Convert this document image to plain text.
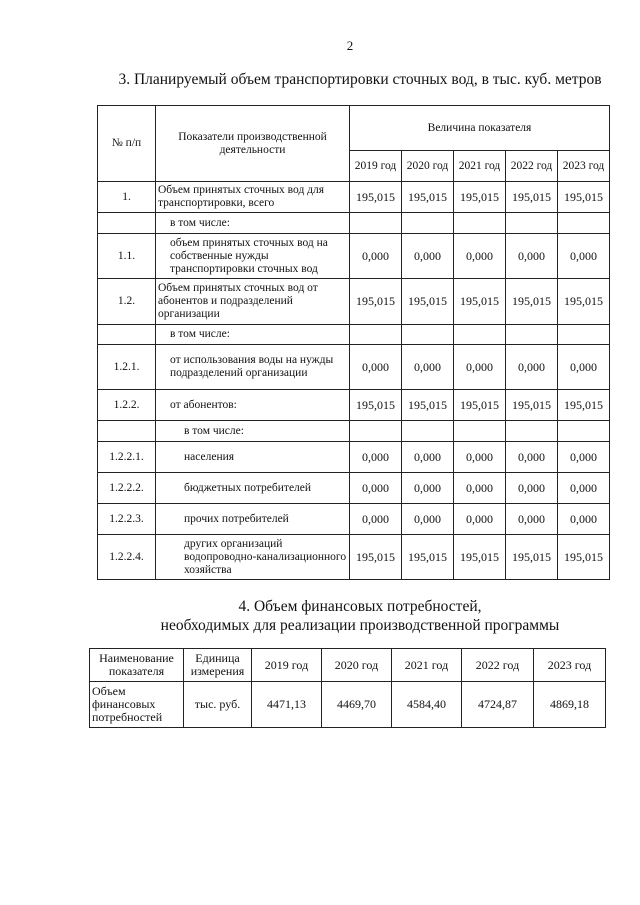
2
3. Планируемый объем транспортировки сточных вод, в тыс. куб. метров
№ п/п	Показатели производственной деятельности	Величина показателя				
		2019 год	2020 год	2021 год	2022 год	2023 год
1.	Объем принятых сточных вод для транспортировки, всего	195,015	195,015	195,015	195,015	195,015
	в том числе:					
1.1.	объем принятых сточных вод на собственные нужды транспортировки сточных вод	0,000	0,000	0,000	0,000	0,000
1.2.	Объем принятых сточных вод от абонентов и подразделений организации	195,015	195,015	195,015	195,015	195,015
	в том числе:					
1.2.1.	от использования воды на нужды подразделений организации	0,000	0,000	0,000	0,000	0,000
1.2.2.	от абонентов:	195,015	195,015	195,015	195,015	195,015
	в том числе:					
1.2.2.1.	населения	0,000	0,000	0,000	0,000	0,000
1.2.2.2.	бюджетных потребителей	0,000	0,000	0,000	0,000	0,000
1.2.2.3.	прочих потребителей	0,000	0,000	0,000	0,000	0,000
1.2.2.4.	других организаций водопроводно-канализационного хозяйства	195,015	195,015	195,015	195,015	195,015
4. Объем финансовых потребностей,
необходимых для реализации производственной программы
Наименование показателя	Единица измерения	2019 год	2020 год	2021 год	2022 год	2023 год
Объем финансовых потребностей	тыс. руб.	4471,13	4469,70	4584,40	4724,87	4869,18
